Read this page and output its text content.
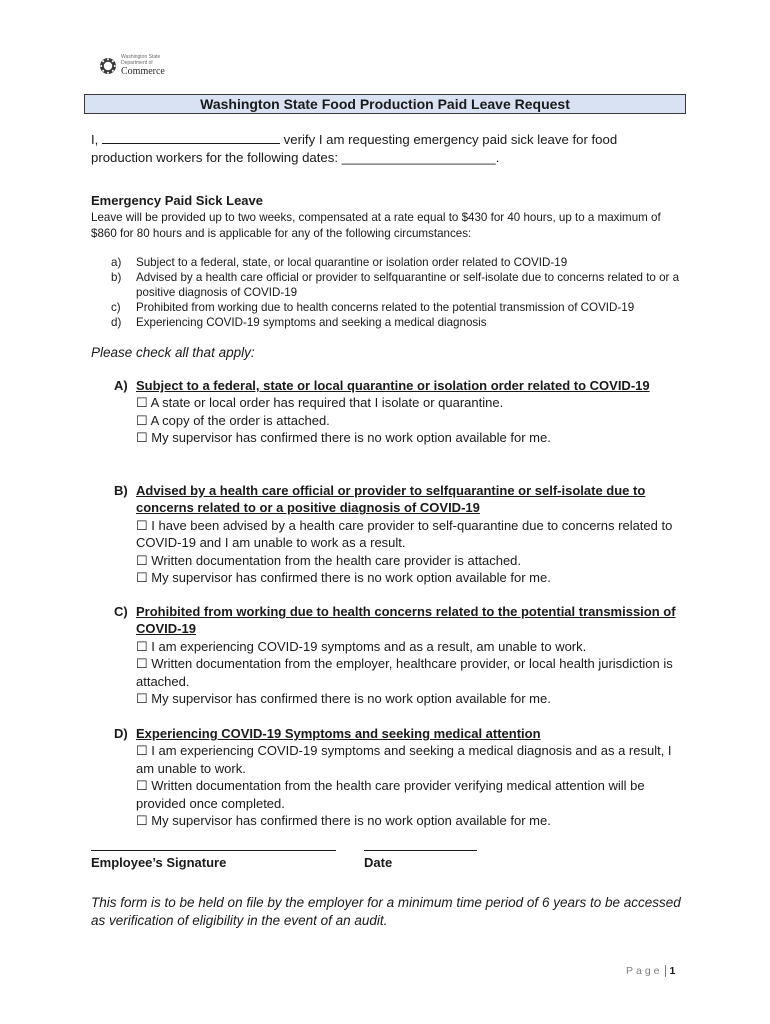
Washington State
Department of
Commerce
Washington State Food Production Paid Leave Request
I,	verify I am requesting emergency paid sick leave for food
production workers for the following dates: _____________________.
Emergency Paid Sick Leave
Leave will be provided up to two weeks, compensated at a rate equal to $430 for 40 hours, up to a maximum of $860 for 80 hours and is applicable for any of the following circumstances:
a) Subject to a federal, state, or local quarantine or isolation order related to COVID-19
b) Advised by a health care official or provider to selfquarantine or self-isolate due to concerns related to or a positive diagnosis of COVID-19
c) Prohibited from working due to health concerns related to the potential transmission of COVID-19
d) Experiencing COVID-19 symptoms and seeking a medical diagnosis
Please check all that apply:
A) Subject to a federal, state or local quarantine or isolation order related to COVID-19
☐ A state or local order has required that I isolate or quarantine.
☐ A copy of the order is attached.
☐ My supervisor has confirmed there is no work option available for me.
B) Advised by a health care official or provider to selfquarantine or self-isolate due to concerns related to or a positive diagnosis of COVID-19
☐ I have been advised by a health care provider to self-quarantine due to concerns related to COVID-19 and I am unable to work as a result.
☐ Written documentation from the health care provider is attached.
☐ My supervisor has confirmed there is no work option available for me.
C) Prohibited from working due to health concerns related to the potential transmission of COVID-19
☐ I am experiencing COVID-19 symptoms and as a result, am unable to work.
☐ Written documentation from the employer, healthcare provider, or local health jurisdiction is attached.
☐ My supervisor has confirmed there is no work option available for me.
D) Experiencing COVID-19 Symptoms and seeking medical attention
☐ I am experiencing COVID-19 symptoms and seeking a medical diagnosis and as a result, I am unable to work.
☐ Written documentation from the health care provider verifying medical attention will be provided once completed.
☐ My supervisor has confirmed there is no work option available for me.
Employee’s Signature	Date
This form is to be held on file by the employer for a minimum time period of 6 years to be accessed as verification of eligibility in the event of an audit.
Page 1
